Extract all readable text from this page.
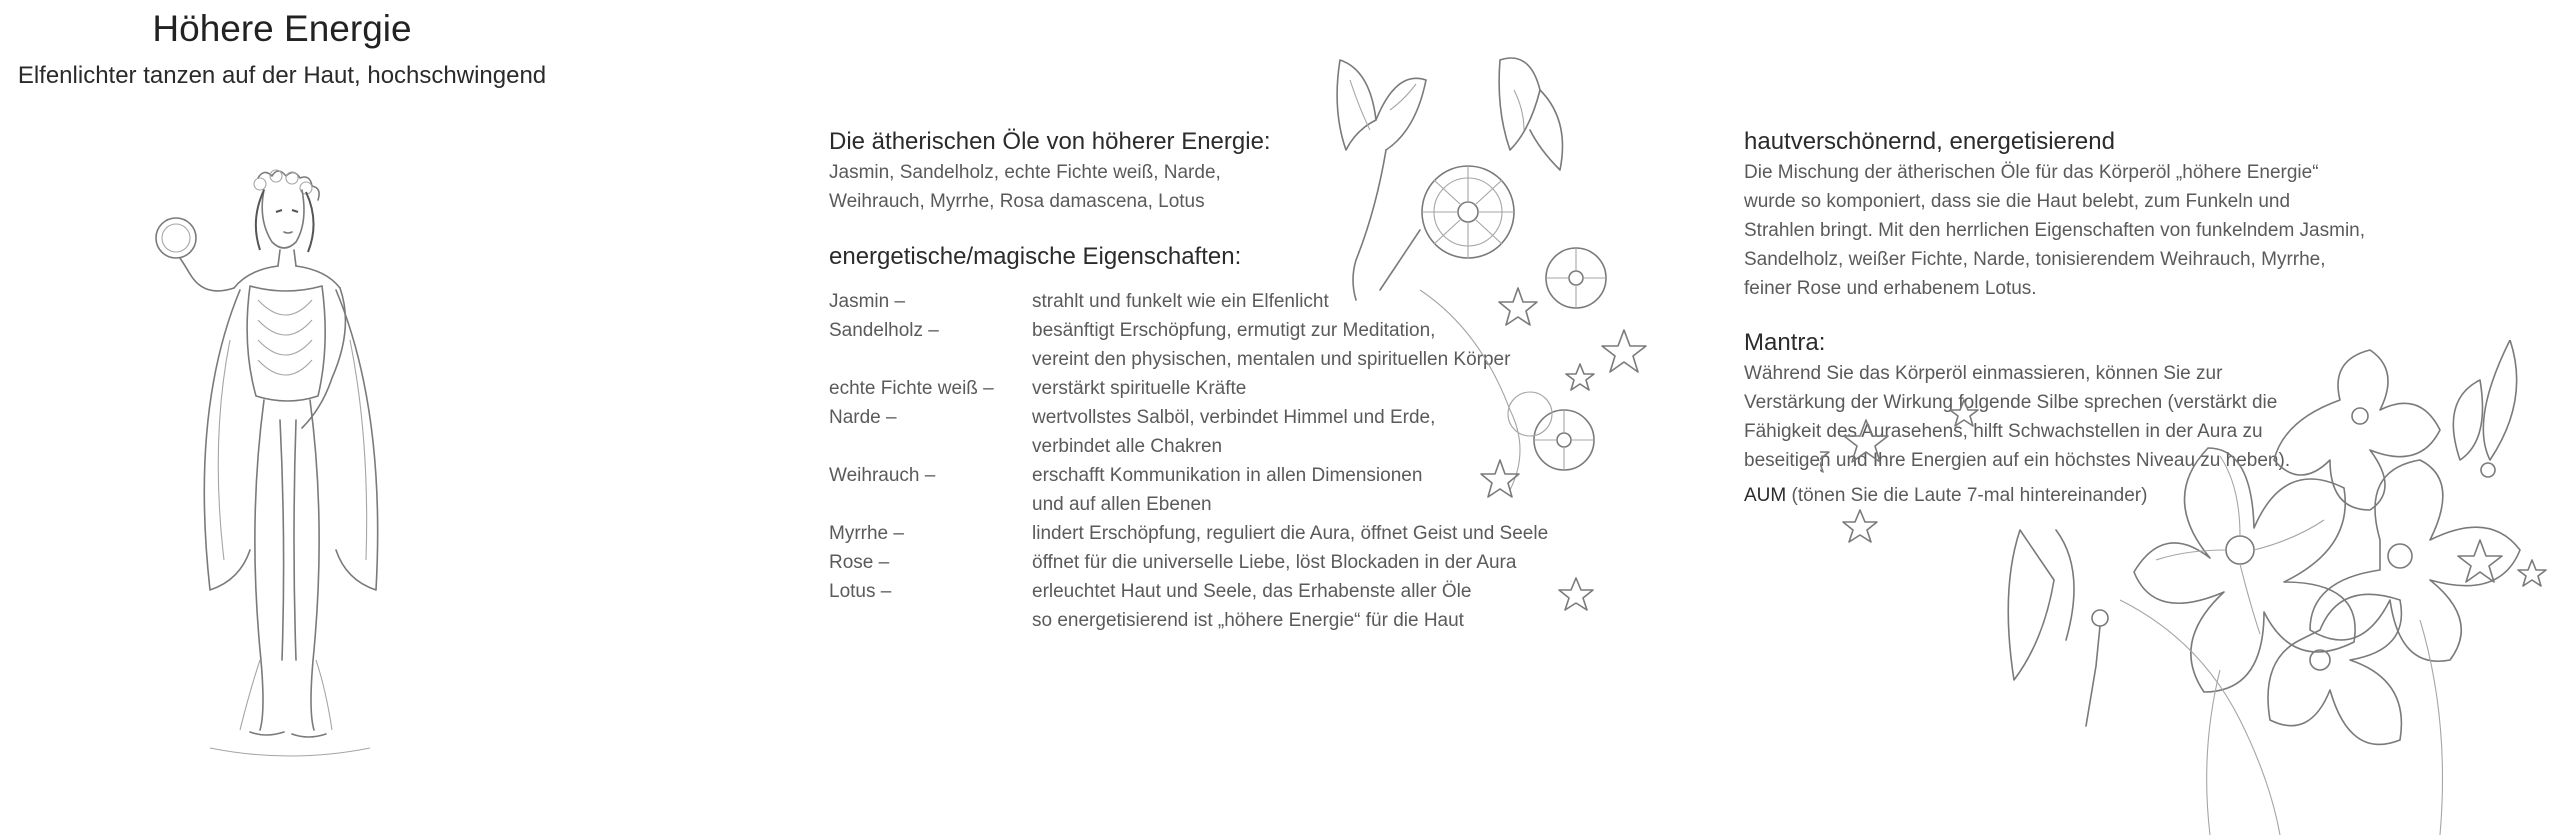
Höhere Energie
Elfenlichter tanzen auf der Haut, hochschwingend
Die ätherischen Öle von höherer Energie:
Jasmin, Sandelholz, echte Fichte weiß, Narde,
Weihrauch, Myrrhe, Rosa damascena, Lotus
energetische/magische Eigenschaften:
Jasmin –	strahlt und funkelt wie ein Elfenlicht
Sandelholz –	besänftigt Erschöpfung, ermutigt zur Meditation,
vereint den physischen, mentalen und spirituellen Körper
echte Fichte weiß – verstärkt spirituelle Kräfte
Narde –	wertvollstes Salböl, verbindet Himmel und Erde,
verbindet alle Chakren
Weihrauch –	erschafft Kommunikation in allen Dimensionen
und auf allen Ebenen
Myrrhe –	lindert Erschöpfung, reguliert die Aura, öffnet Geist und Seele
Rose –	öffnet für die universelle Liebe, löst Blockaden in der Aura
Lotus –	erleuchtet Haut und Seele, das Erhabenste aller Öle
so energetisierend ist „höhere Energie“ für die Haut
hautverschönernd, energetisierend
Die Mischung der ätherischen Öle für das Körperöl „höhere Energie“
wurde so komponiert, dass sie die Haut belebt, zum Funkeln und
Strahlen bringt. Mit den herrlichen Eigenschaften von funkelndem Jasmin,
Sandelholz, weißer Fichte, Narde, tonisierendem Weihrauch, Myrrhe,
feiner Rose und erhabenem Lotus.
Mantra:
Während Sie das Körperöl einmassieren, können Sie zur
Verstärkung der Wirkung folgende Silbe sprechen (verstärkt die
Fähigkeit des Aurasehens, hilft Schwachstellen in der Aura zu
beseitigen und Ihre Energien auf ein höchstes Niveau zu heben).
AUM (tönen Sie die Laute 7-mal hintereinander)
